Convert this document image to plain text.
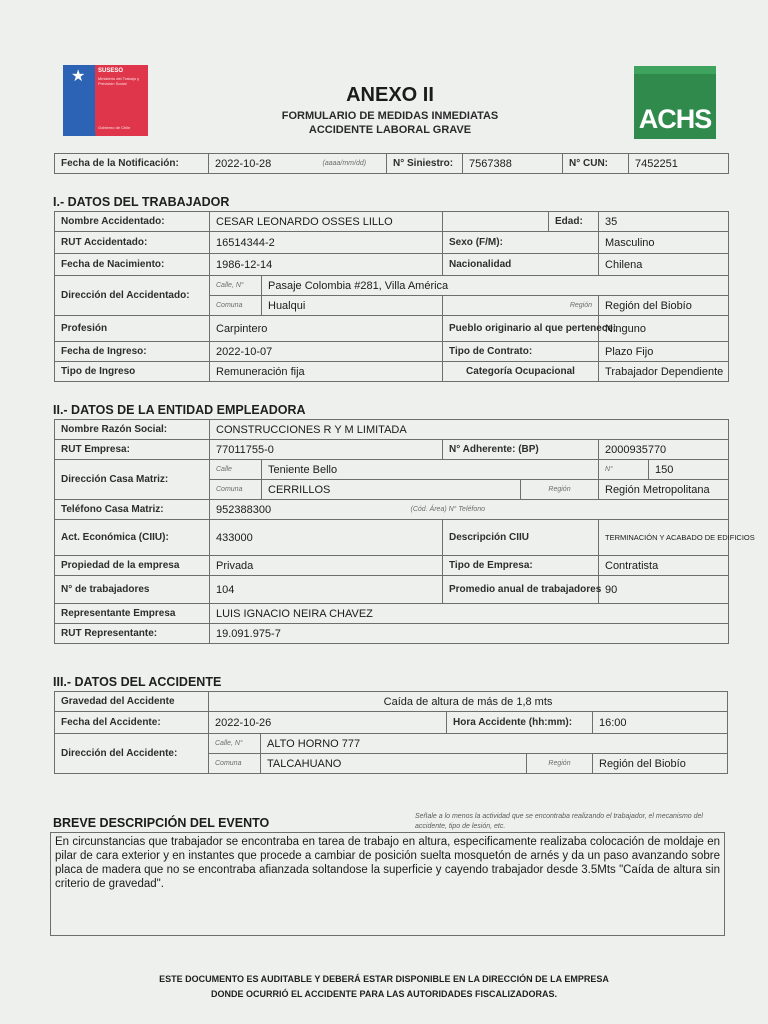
★ SUSESO
Ministerio del Trabajo y Previsión Social
Gobierno de Chile	ACHS
ANEXO II
FORMULARIO DE MEDIDAS INMEDIATAS
ACCIDENTE LABORAL GRAVE
Fecha de la Notificación:	2022-10-28	(aaaa/mm/dd)	N° Siniestro:	7567388	N° CUN:	7452251
I.- DATOS DEL TRABAJADOR
Nombre Accidentado:	CESAR LEONARDO OSSES LILLO			Edad:	35
RUT Accidentado:	16514344-2		Sexo (F/M):		Masculino
Fecha de Nacimiento:	1986-12-14		Nacionalidad		Chilena
Dirección del Accidentado:	Calle, N°	Pasaje Colombia #281, Villa América			
	Comuna	Hualqui	Región		Región del Biobío
Profesión	Carpintero		Pueblo originario al que pertenece:		Ninguno
Fecha de Ingreso:	2022-10-07		Tipo de Contrato:		Plazo Fijo
Tipo de Ingreso	Remuneración fija		Categoría Ocupacional		Trabajador Dependiente
II.- DATOS DE LA ENTIDAD EMPLEADORA
Nombre Razón Social:	CONSTRUCCIONES R Y M LIMITADA						
RUT Empresa:	77011755-0			N° Adherente: (BP)		2000935770	
Dirección Casa Matriz:	Calle	Teniente Bello				N°	150
	Comuna	CERRILLOS			Región	Región Metropolitana	
Teléfono Casa Matriz:	952388300		(Cód. Área) N° Teléfono				
Act. Económica (CIIU):	433000			Descripción CIIU		TERMINACIÓN Y ACABADO DE EDIFICIOS	
Propiedad de la empresa	Privada			Tipo de Empresa:		Contratista	
N° de trabajadores	104			Promedio anual de trabajadores		90	
Representante Empresa	LUIS IGNACIO NEIRA CHAVEZ						
RUT Representante:	19.091.975-7						
III.- DATOS DEL ACCIDENTE
Gravedad del Accidente	Caída de altura de más de 1,8 mts				
Fecha del Accidente:	2022-10-26		Hora Accidente (hh:mm):		16:00
Dirección del Accidente:	Calle, N°	ALTO HORNO 777			
	Comuna	TALCAHUANO		Región	Región del Biobío
BREVE DESCRIPCIÓN DEL EVENTO	Señale a lo menos la actividad que se encontraba realizando el trabajador, el mecanismo del accidente, tipo de lesión, etc.
En circunstancias que trabajador se encontraba en tarea de trabajo en altura, especificamente realizaba colocación de moldaje en pilar de cara exterior y en instantes que procede a cambiar de posición suelta mosquetón de arnés y da un paso avanzando sobre placa de madera que no se encontraba afianzada soltandose la superficie y cayendo trabajador desde 3.5Mts "Caída de altura sin criterio de gravedad".
ESTE DOCUMENTO ES AUDITABLE Y DEBERÁ ESTAR DISPONIBLE EN LA DIRECCIÓN DE LA EMPRESA
DONDE OCURRIÓ EL ACCIDENTE PARA LAS AUTORIDADES FISCALIZADORAS.
